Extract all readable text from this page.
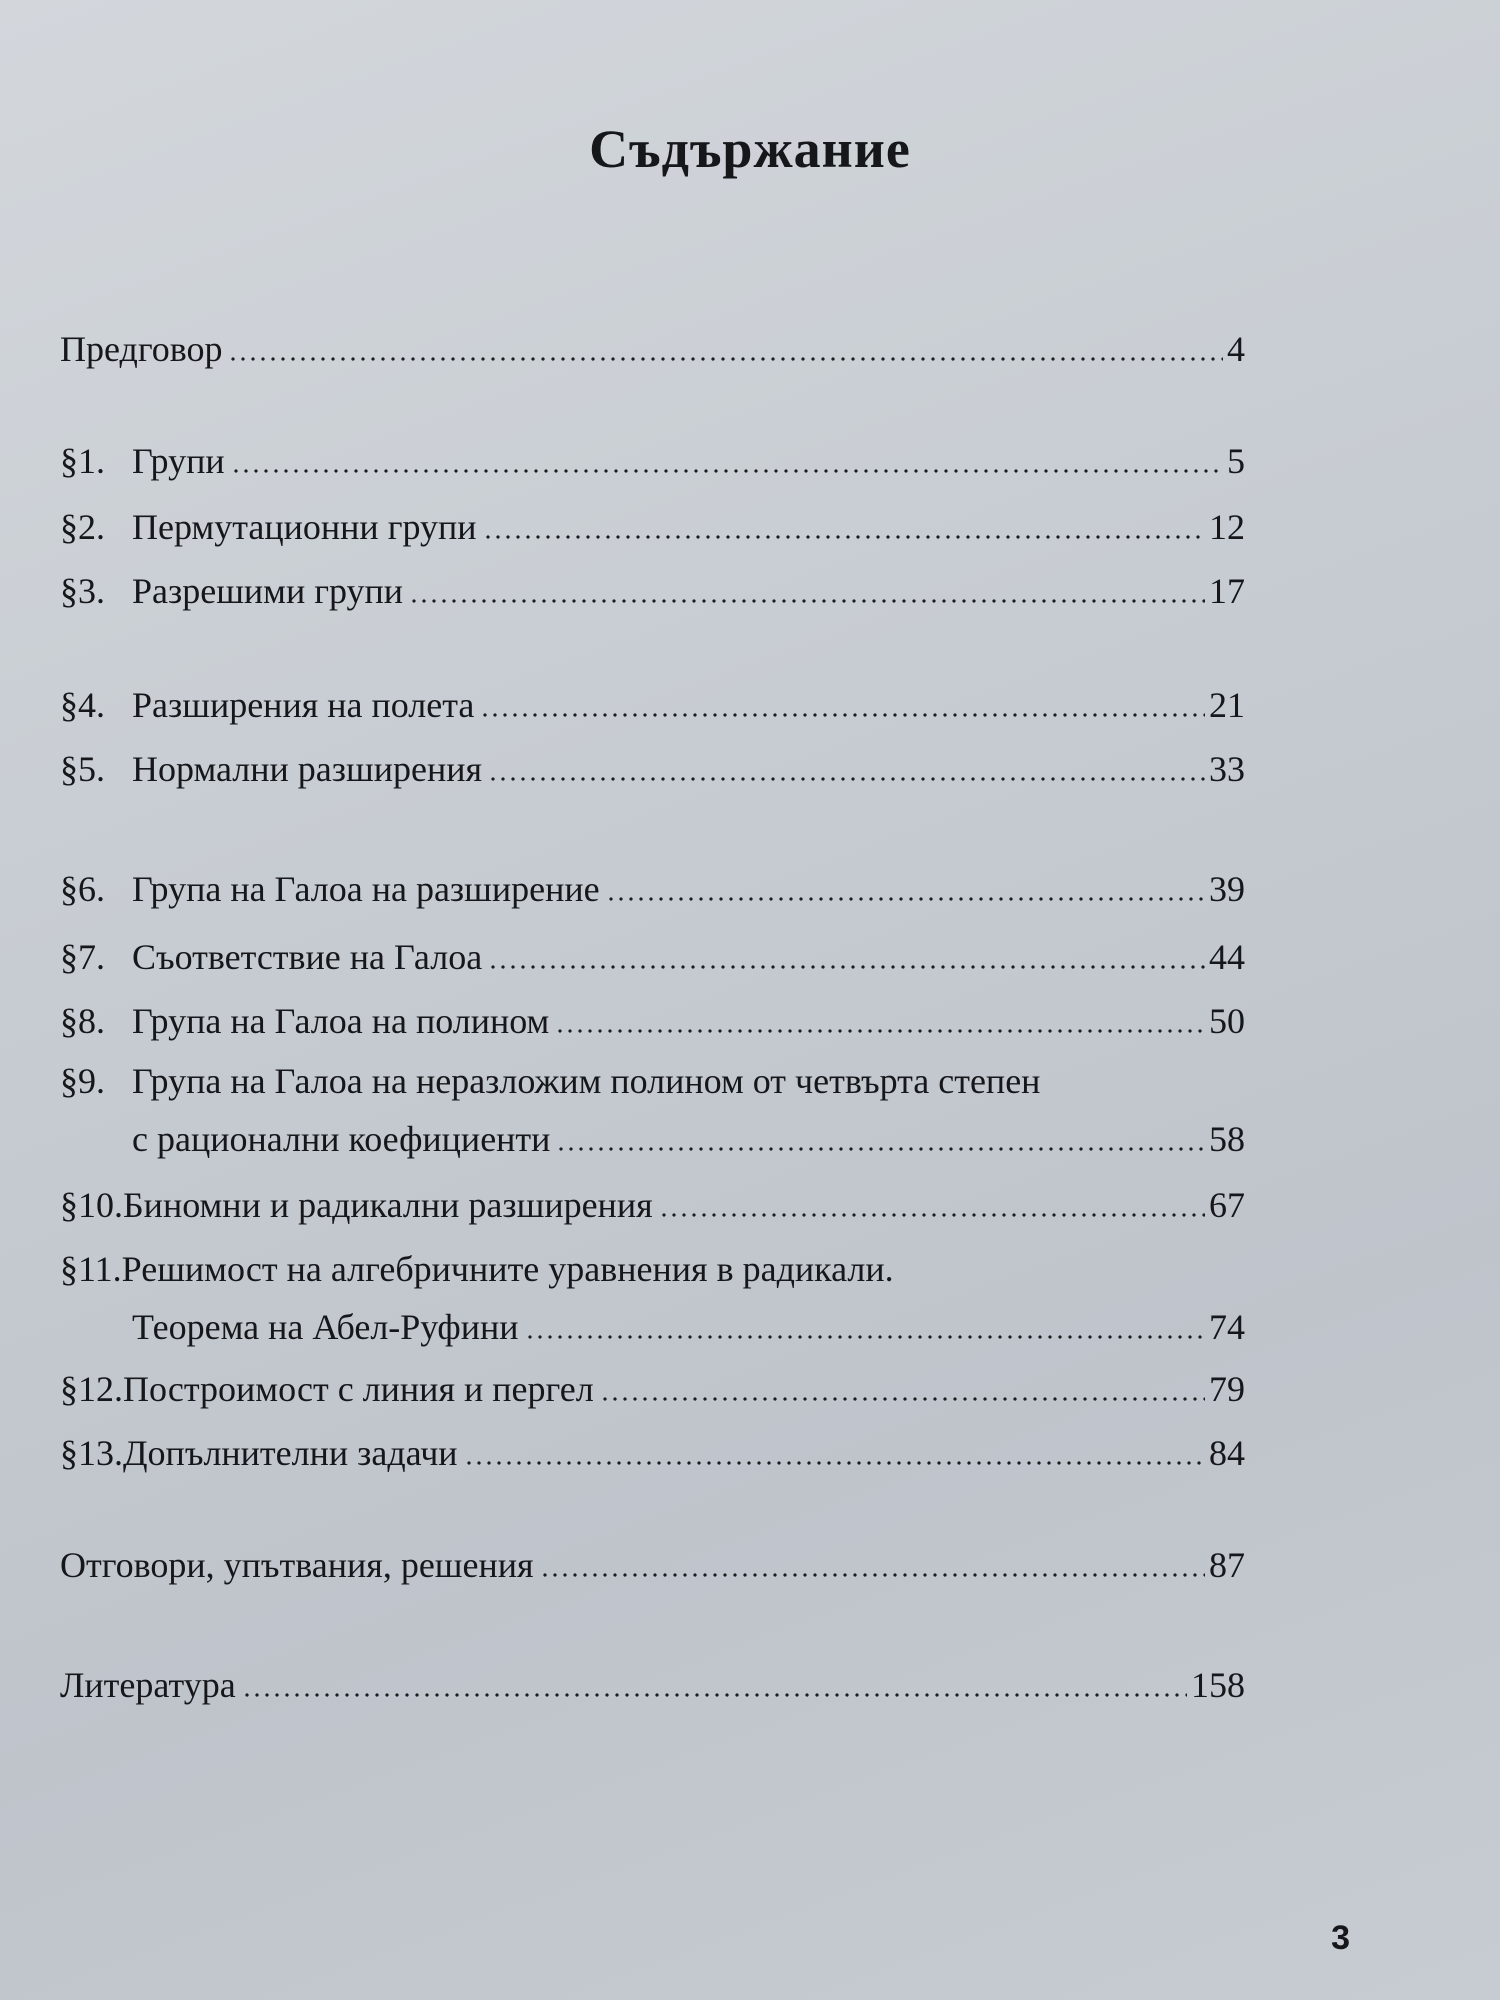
Съдържание
Предговор	4
§1. Групи	5
§2. Пермутационни групи	12
§3. Разрешими групи	17
§4. Разширения на полета	21
§5. Нормални разширения	33
§6. Група на Галоа на разширение	39
§7. Съответствие на Галоа	44
§8. Група на Галоа на полином	50
§9. Група на Галоа на неразложим полином от четвърта степен
с рационални коефициенти	58
§10. Биномни и радикални разширения	67
§11. Решимост на алгебричните уравнения в радикали.
Теорема на Абел-Руфини	74
§12. Построимост с линия и пергел	79
§13. Допълнителни задачи	84
Отговори, упътвания, решения	87
Литература	158
3
